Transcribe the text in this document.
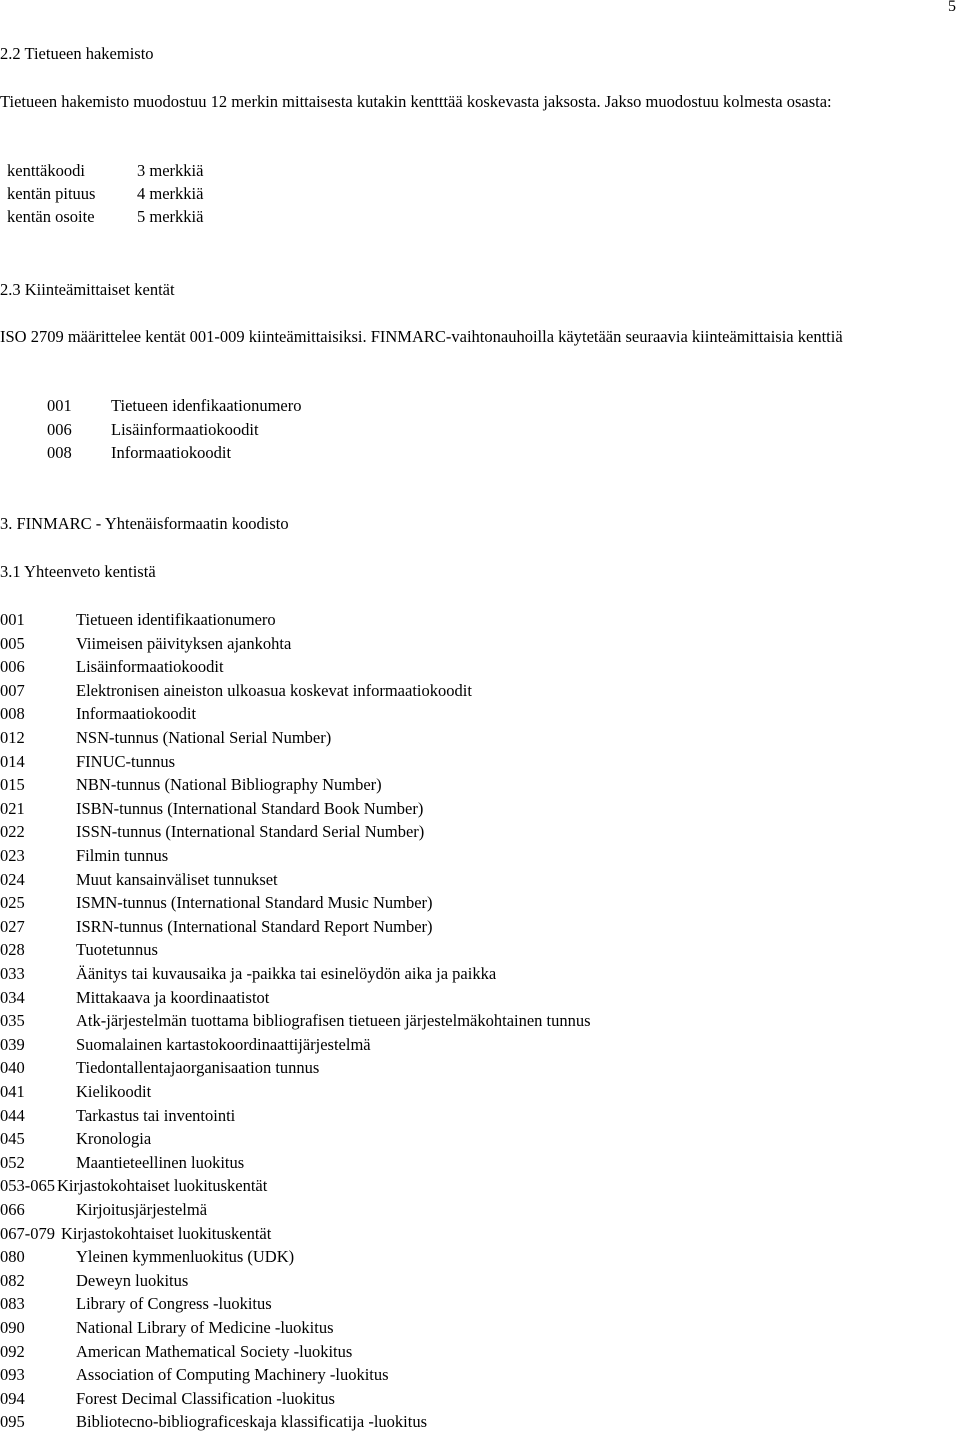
5
2.2 Tietueen hakemisto
Tietueen hakemisto muodostuu 12 merkin mittaisesta kutakin kentttää koskevasta jaksosta. Jakso muodostuu kolmesta osasta:
kenttäkoodi	3 merkkiä
kentän pituus	4 merkkiä
kentän osoite	5 merkkiä
2.3 Kiinteämittaiset kentät
ISO 2709 määrittelee kentät 001-009 kiinteämittaisiksi. FINMARC-vaihtonauhoilla käytetään seuraavia kiinteämittaisia kenttiä
001 Tietueen idenfikaationumero
006 Lisäinformaatiokoodit
008 Informaatiokoodit
3. FINMARC - Yhtenäisformaatin koodisto
3.1 Yhteenveto kentistä
001	Tietueen identifikaationumero
005	Viimeisen päivityksen ajankohta
006	Lisäinformaatiokoodit
007	Elektronisen aineiston ulkoasua koskevat informaatiokoodit
008	Informaatiokoodit
012	NSN-tunnus (National Serial Number)
014	FINUC-tunnus
015	NBN-tunnus (National Bibliography Number)
021	ISBN-tunnus (International Standard Book Number)
022	ISSN-tunnus (International Standard Serial Number)
023	Filmin tunnus
024	Muut kansainväliset tunnukset
025	ISMN-tunnus (International Standard Music Number)
027	ISRN-tunnus (International Standard Report Number)
028	Tuotetunnus
033	Äänitys tai kuvausaika ja -paikka tai esinelöydön aika ja paikka
034	Mittakaava ja koordinaatistot
035	Atk-järjestelmän tuottama bibliografisen tietueen järjestelmäkohtainen tunnus
039	Suomalainen kartastokoordinaattijärjestelmä
040	Tiedontallentajaorganisaation tunnus
041	Kielikoodit
044	Tarkastus tai inventointi
045	Kronologia
052	Maantieteellinen luokitus
053-065 Kirjastokohtaiset luokituskentät
066	Kirjoitusjärjestelmä
067-079 Kirjastokohtaiset luokituskentät
080	Yleinen kymmenluokitus (UDK)
082	Deweyn luokitus
083	Library of Congress -luokitus
090	National Library of Medicine -luokitus
092	American Mathematical Society -luokitus
093	Association of Computing Machinery -luokitus
094	Forest Decimal Classification -luokitus
095	Bibliotecno-bibliograficeskaja klassificatija -luokitus
